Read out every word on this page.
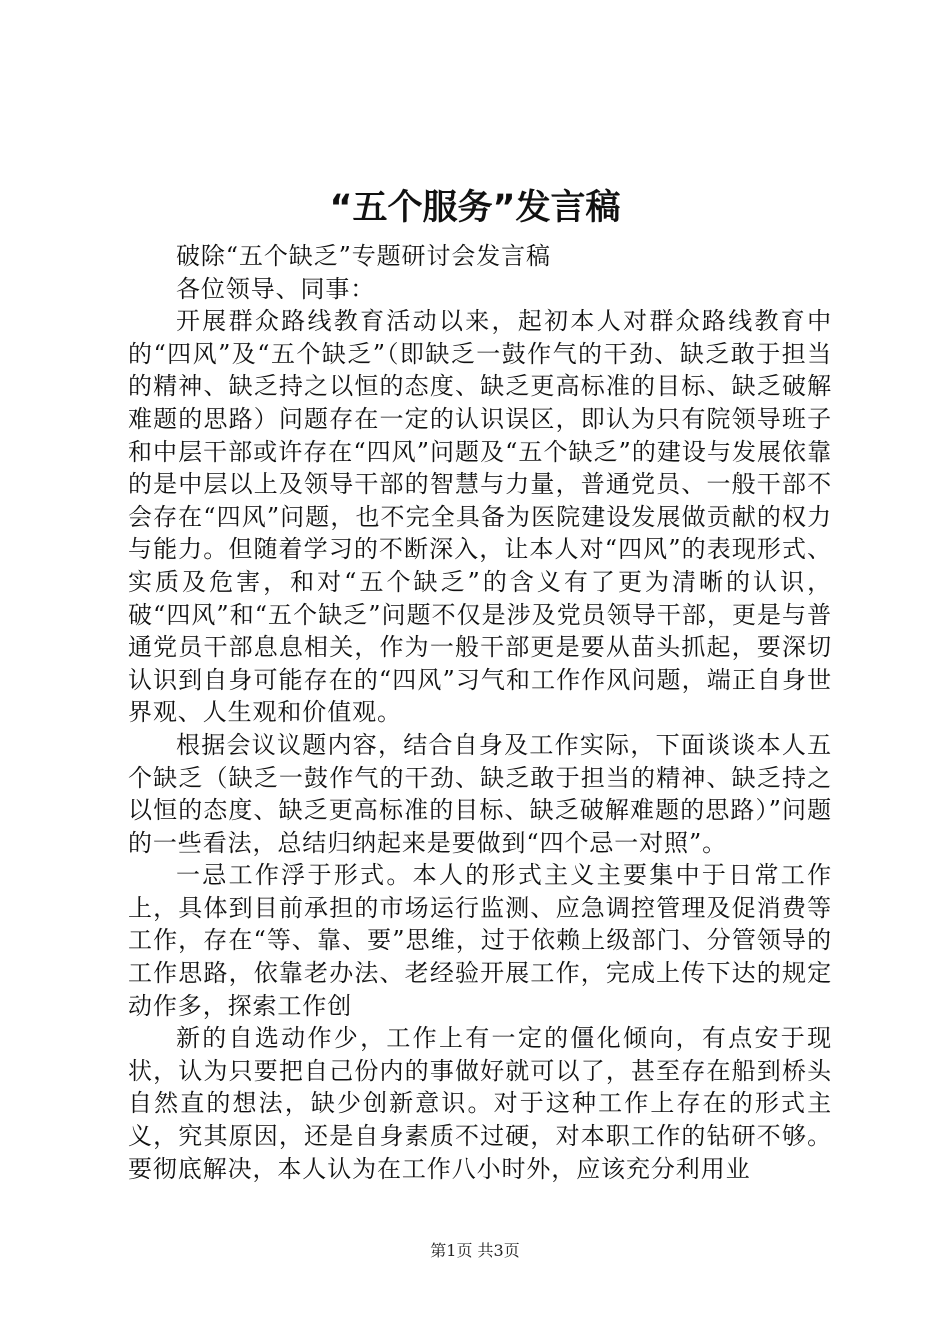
“五个服务”发言稿

破除“五个缺乏”专题研讨会发言稿

各位领导、同事：

开展群众路线教育活动以来，起初本人对群众路线教育中的“四风”及“五个缺乏”（即缺乏一鼓作气的干劲、缺乏敢于担当的精神、缺乏持之以恒的态度、缺乏更高标准的目标、缺乏破解难题的思路）问题存在一定的认识误区，即认为只有院领导班子和中层干部或许存在“四风”问题及“五个缺乏”的建设与发展依靠的是中层以上及领导干部的智慧与力量，普通党员、一般干部不会存在“四风”问题，也不完全具备为医院建设发展做贡献的权力与能力。但随着学习的不断深入，让本人对“四风”的表现形式、实质及危害，和对“五个缺乏”的含义有了更为清晰的认识，破“四风”和“五个缺乏”问题不仅是涉及党员领导干部，更是与普通党员干部息息相关，作为一般干部更是要从苗头抓起，要深切认识到自身可能存在的“四风”习气和工作作风问题，端正自身世界观、人生观和价值观。

根据会议议题内容，结合自身及工作实际，下面谈谈本人五个缺乏（缺乏一鼓作气的干劲、缺乏敢于担当的精神、缺乏持之以恒的态度、缺乏更高标准的目标、缺乏破解难题的思路）”问题的一些看法，总结归纳起来是要做到“四个忌一对照”。

一忌工作浮于形式。本人的形式主义主要集中于日常工作上，具体到目前承担的市场运行监测、应急调控管理及促消费等工作，存在“等、靠、要”思维，过于依赖上级部门、分管领导的工作思路，依靠老办法、老经验开展工作，完成上传下达的规定动作多，探索工作创

新的自选动作少，工作上有一定的僵化倾向，有点安于现状，认为只要把自己份内的事做好就可以了，甚至存在船到桥头自然直的想法，缺少创新意识。对于这种工作上存在的形式主义，究其原因，还是自身素质不过硬，对本职工作的钻研不够。要彻底解决，本人认为在工作八小时外，应该充分利用业

第1页 共3页
